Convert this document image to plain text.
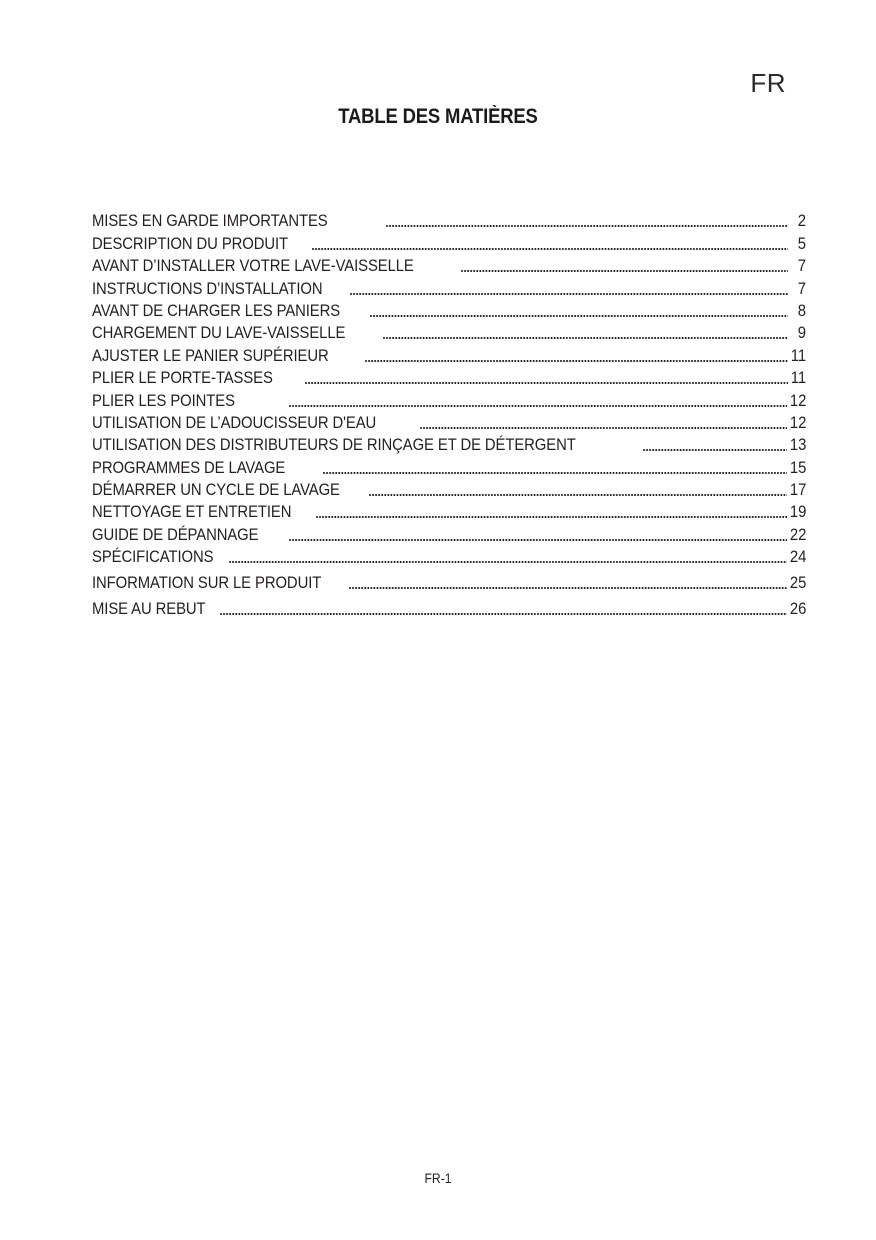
FR
TABLE DES MATIÈRES
MISES EN GARDE IMPORTANTES	2
DESCRIPTION DU PRODUIT	5
AVANT D’INSTALLER VOTRE LAVE-VAISSELLE	7
INSTRUCTIONS D’INSTALLATION	7
AVANT DE CHARGER LES PANIERS	8
CHARGEMENT DU LAVE-VAISSELLE	9
AJUSTER LE PANIER SUPÉRIEUR	11
PLIER LE PORTE-TASSES	11
PLIER LES POINTES	12
UTILISATION DE L’ADOUCISSEUR D'EAU	12
UTILISATION DES DISTRIBUTEURS DE RINÇAGE ET DE DÉTERGENT	13
PROGRAMMES DE LAVAGE	15
DÉMARRER UN CYCLE DE LAVAGE	17
NETTOYAGE ET ENTRETIEN	19
GUIDE DE DÉPANNAGE	22
SPÉCIFICATIONS	24
INFORMATION SUR LE PRODUIT	25
MISE AU REBUT	26
FR-1
